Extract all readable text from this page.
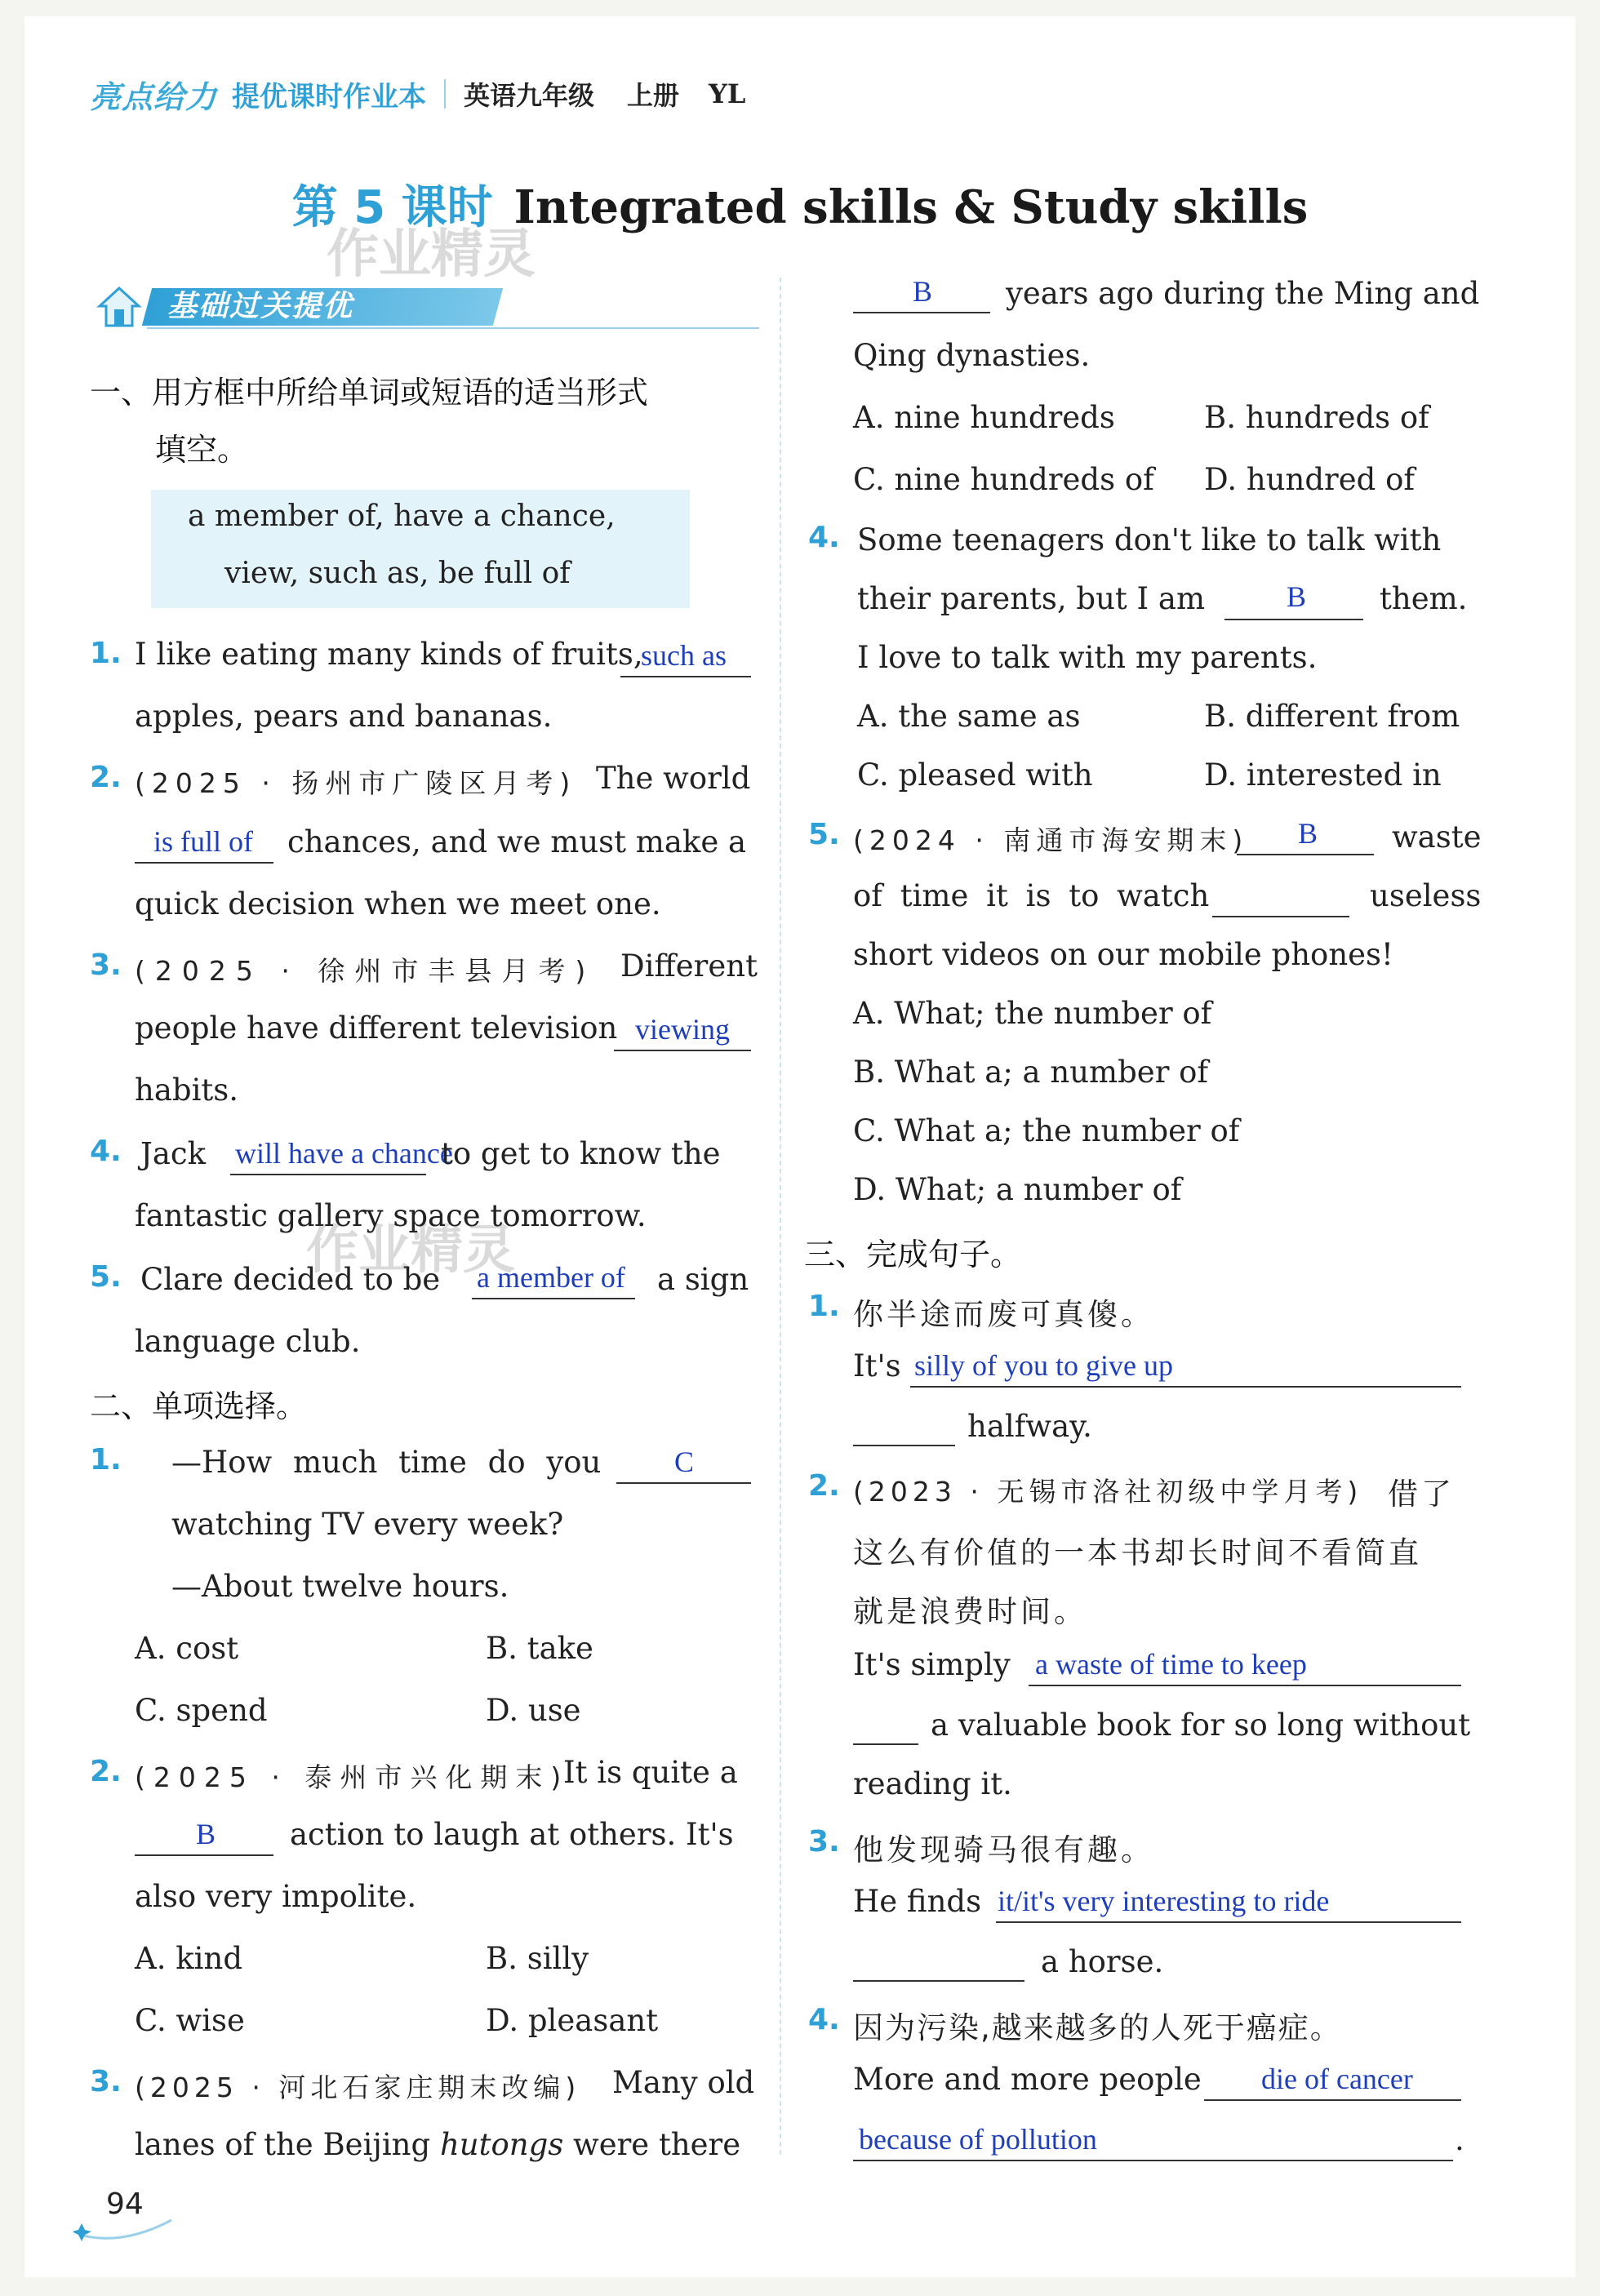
亮点给力 提优课时作业本 英语九年级 上册 YL
第 5 课时 Integrated skills & Study skills
作业精灵
作业精灵
基础过关提优
一、用方框中所给单词或短语的适当形式
填空。
a member of, have a chance,
view, such as, be full of
1. I like eating many kinds of fruits,
such as
apples, pears and bananas.
2. (2025 · 扬州市广陵区月考) The world
is full of chances, and we must make a
quick decision when we meet one.
3. (2025 · 徐州市丰县月考) Different
people have different television viewing
habits.
4. Jack will have a chance
to get to know the
fantastic gallery space tomorrow.
5. Clare decided to be a member of a sign
language club.
二、单项选择。
1. —How much time do you C
watching TV every week?
—About twelve hours.
A. cost	B. take
C. spend	D. use
2. (2025 · 泰州市兴化期末)
It is quite a
B action to laugh at others. It's
also very impolite.
A. kind	B. silly
C. wise	D. pleasant
3. (2025 · 河北石家庄期末改编) Many old
lanes of the Beijing hutongs were there
94
B years ago during the Ming and
Qing dynasties.
A. nine hundreds	B. hundreds of
C. nine hundreds of D. hundred of
4. Some teenagers don't like to talk with
their parents, but I am	B them.
I love to talk with my parents.
A. the same as	B. different from
C. pleased with	D. interested in
5. (2024 · 南通市海安期末) B waste
of time it is to watch	useless
short videos on our mobile phones!
A. What; the number of
B. What a; a number of
C. What a; the number of
D. What; a number of
三、完成句子。
1. 你半途而废可真傻。
It's silly of you to give up
halfway.
2. (2023 · 无锡市洛社初级中学月考) 借了
这么有价值的一本书却长时间不看简直
就是浪费时间。
It's simply a waste of time to keep
a valuable book for so long without
reading it.
3. 他发现骑马很有趣。
He finds it/it's very interesting to ride
a horse.
4. 因为污染,越来越多的人死于癌症。
More and more people die of cancer
because of pollution	.
